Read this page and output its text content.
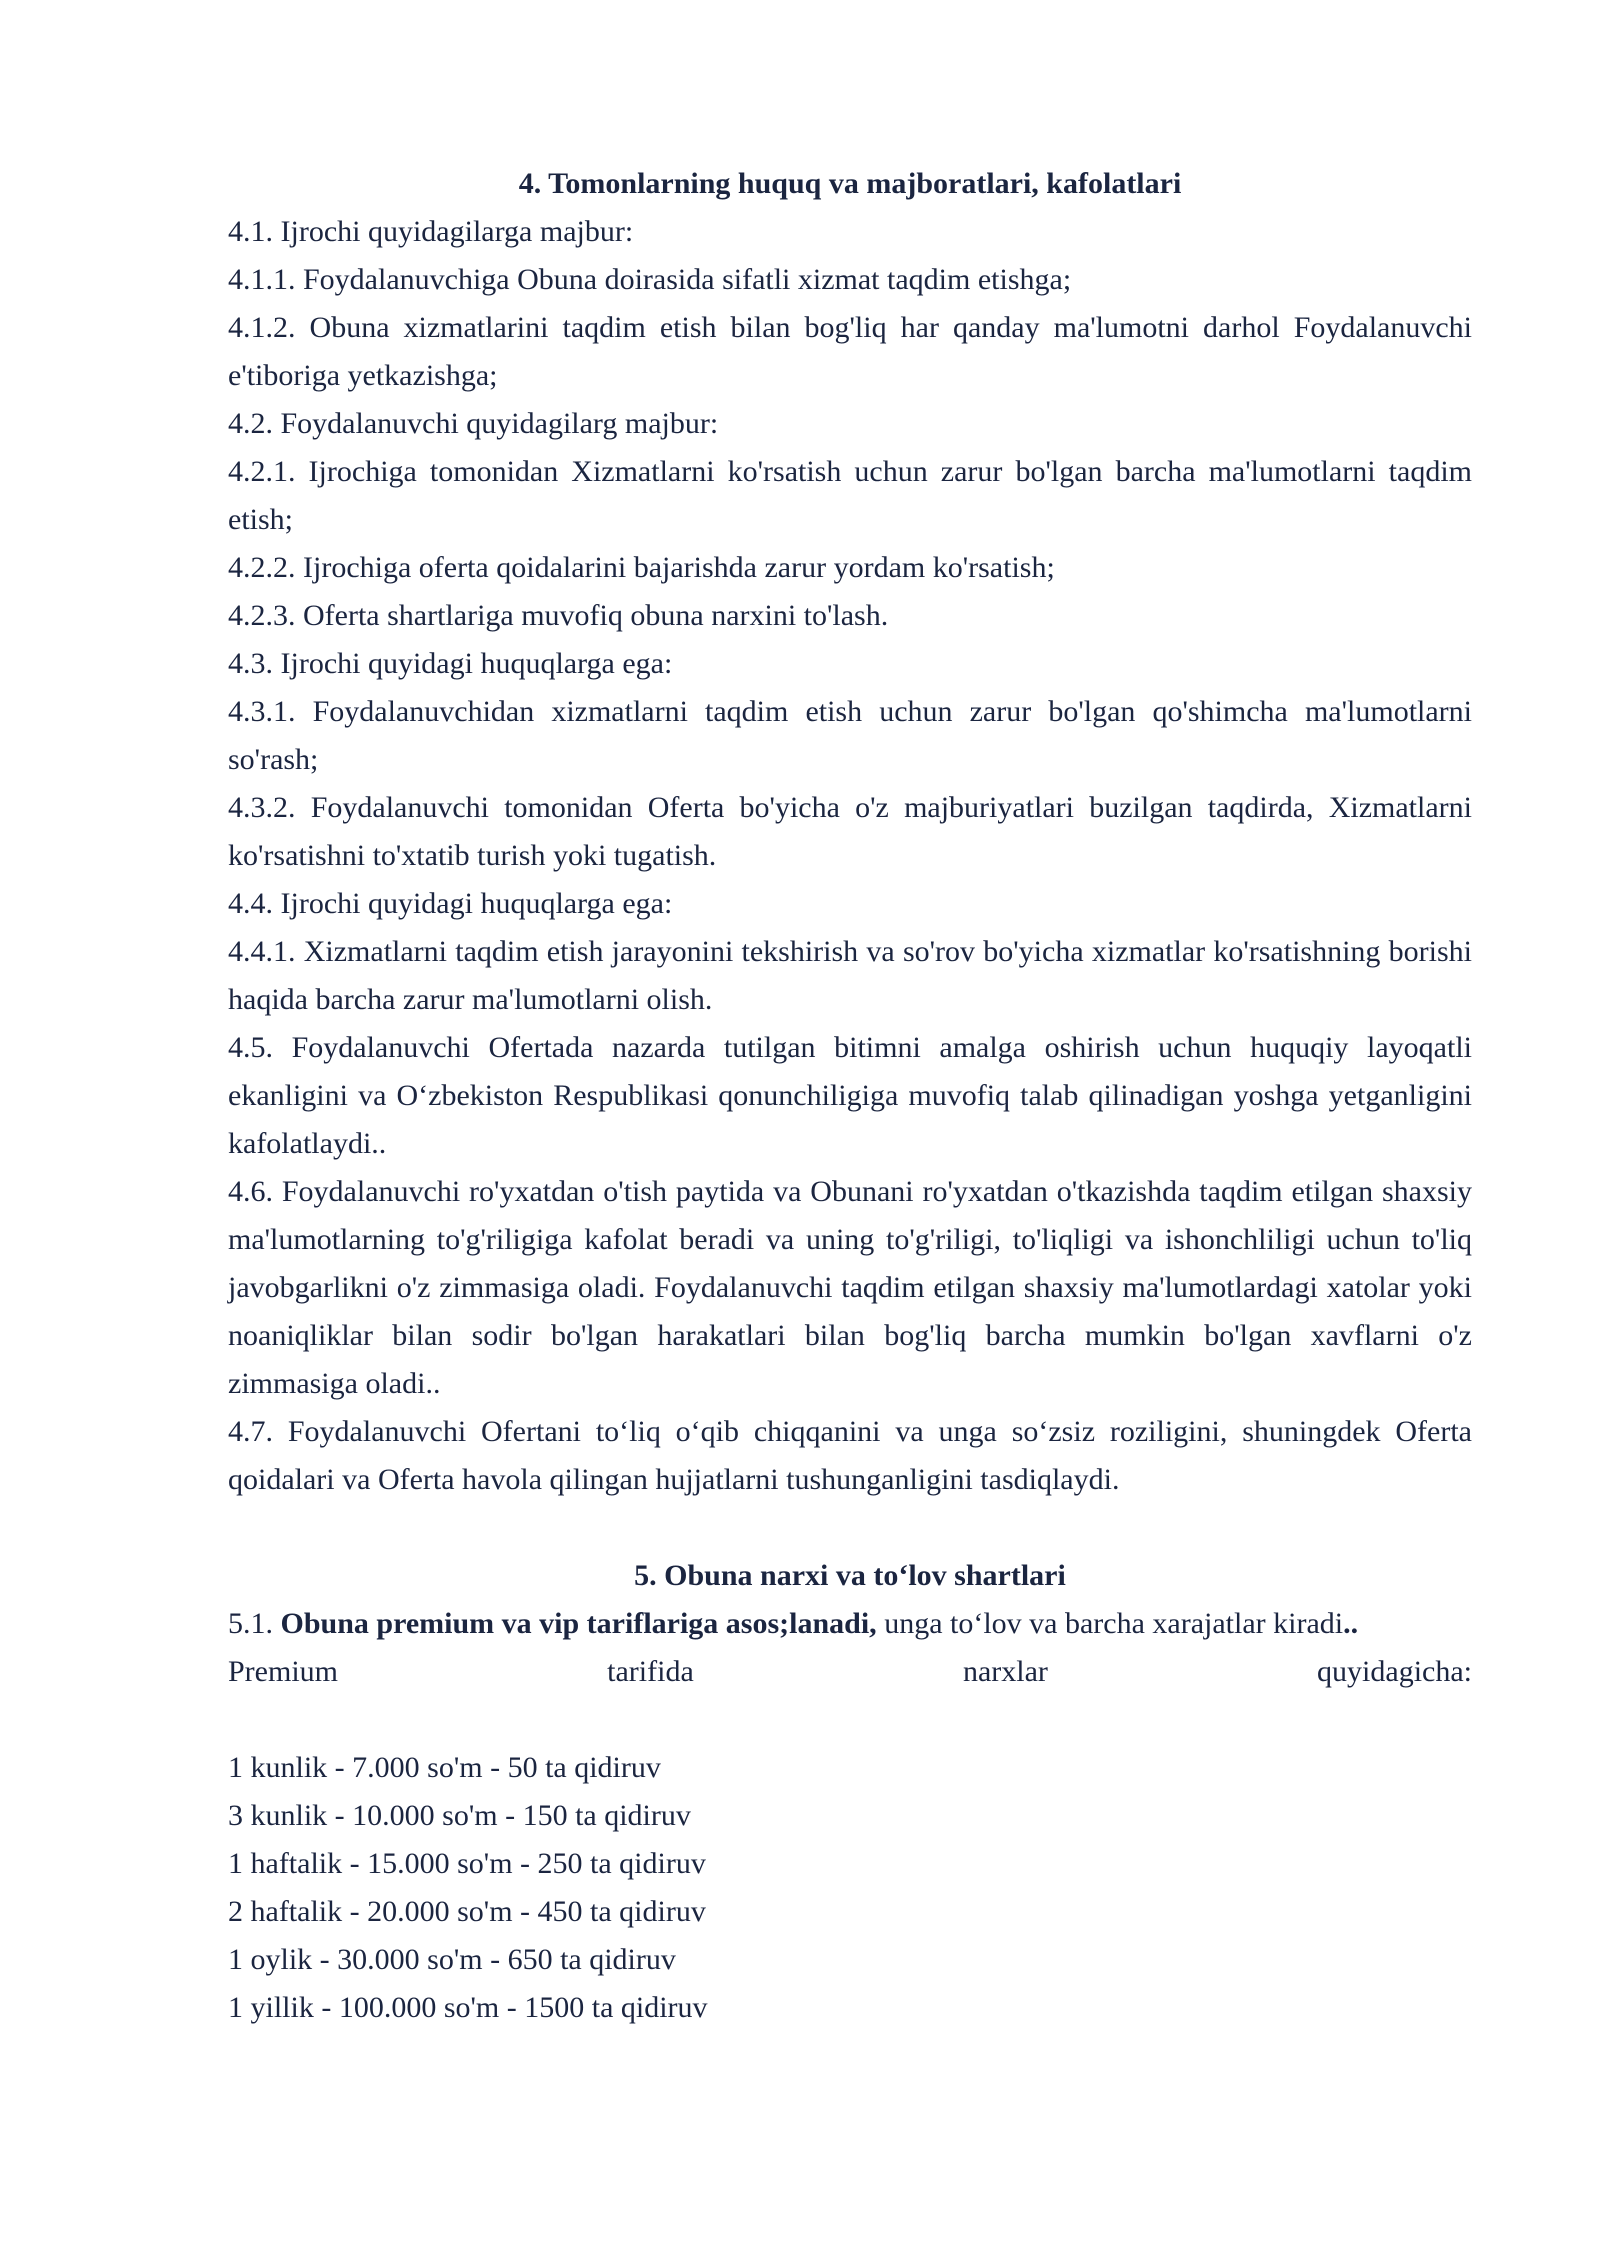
4. Tomonlarning huquq va majboratlari, kafolatlari

4.1. Ijrochi quyidagilarga majbur:

4.1.1. Foydalanuvchiga Obuna doirasida sifatli xizmat taqdim etishga;

4.1.2. Obuna xizmatlarini taqdim etish bilan bog'liq har qanday ma'lumotni darhol Foydalanuvchi e'tiboriga yetkazishga;

4.2. Foydalanuvchi quyidagilarg majbur:

4.2.1. Ijrochiga tomonidan Xizmatlarni ko'rsatish uchun zarur bo'lgan barcha ma'lumotlarni taqdim etish;

4.2.2. Ijrochiga oferta qoidalarini bajarishda zarur yordam ko'rsatish;

4.2.3. Oferta shartlariga muvofiq obuna narxini to'lash.

4.3. Ijrochi quyidagi huquqlarga ega:

4.3.1. Foydalanuvchidan xizmatlarni taqdim etish uchun zarur bo'lgan qo'shimcha ma'lumotlarni so'rash;

4.3.2. Foydalanuvchi tomonidan Oferta bo'yicha o'z majburiyatlari buzilgan taqdirda, Xizmatlarni ko'rsatishni to'xtatib turish yoki tugatish.

4.4. Ijrochi quyidagi huquqlarga ega:

4.4.1. Xizmatlarni taqdim etish jarayonini tekshirish va so'rov bo'yicha xizmatlar ko'rsatishning borishi haqida barcha zarur ma'lumotlarni olish.

4.5. Foydalanuvchi Ofertada nazarda tutilgan bitimni amalga oshirish uchun huquqiy layoqatli ekanligini va O‘zbekiston Respublikasi qonunchiligiga muvofiq talab qilinadigan yoshga yetganligini kafolatlaydi..

4.6. Foydalanuvchi ro'yxatdan o'tish paytida va Obunani ro'yxatdan o'tkazishda taqdim etilgan shaxsiy ma'lumotlarning to'g'riligiga kafolat beradi va uning to'g'riligi, to'liqligi va ishonchliligi uchun to'liq javobgarlikni o'z zimmasiga oladi. Foydalanuvchi taqdim etilgan shaxsiy ma'lumotlardagi xatolar yoki noaniqliklar bilan sodir bo'lgan harakatlari bilan bog'liq barcha mumkin bo'lgan xavflarni o'z zimmasiga oladi..

4.7. Foydalanuvchi Ofertani to‘liq o‘qib chiqqanini va unga so‘zsiz roziligini, shuningdek Oferta qoidalari va Oferta havola qilingan hujjatlarni tushunganligini tasdiqlaydi.

5. Obuna narxi va to‘lov shartlari

5.1. Obuna premium va vip tariflariga asos;lanadi, unga to‘lov va barcha xarajatlar kiradi..

Premium	tarifida	narxlar	quyidagicha:

1 kunlik - 7.000 so'm - 50 ta qidiruv

3 kunlik - 10.000 so'm - 150 ta qidiruv

1 haftalik - 15.000 so'm - 250 ta qidiruv

2 haftalik - 20.000 so'm - 450 ta qidiruv

1 oylik - 30.000 so'm - 650 ta qidiruv

1 yillik - 100.000 so'm - 1500 ta qidiruv
